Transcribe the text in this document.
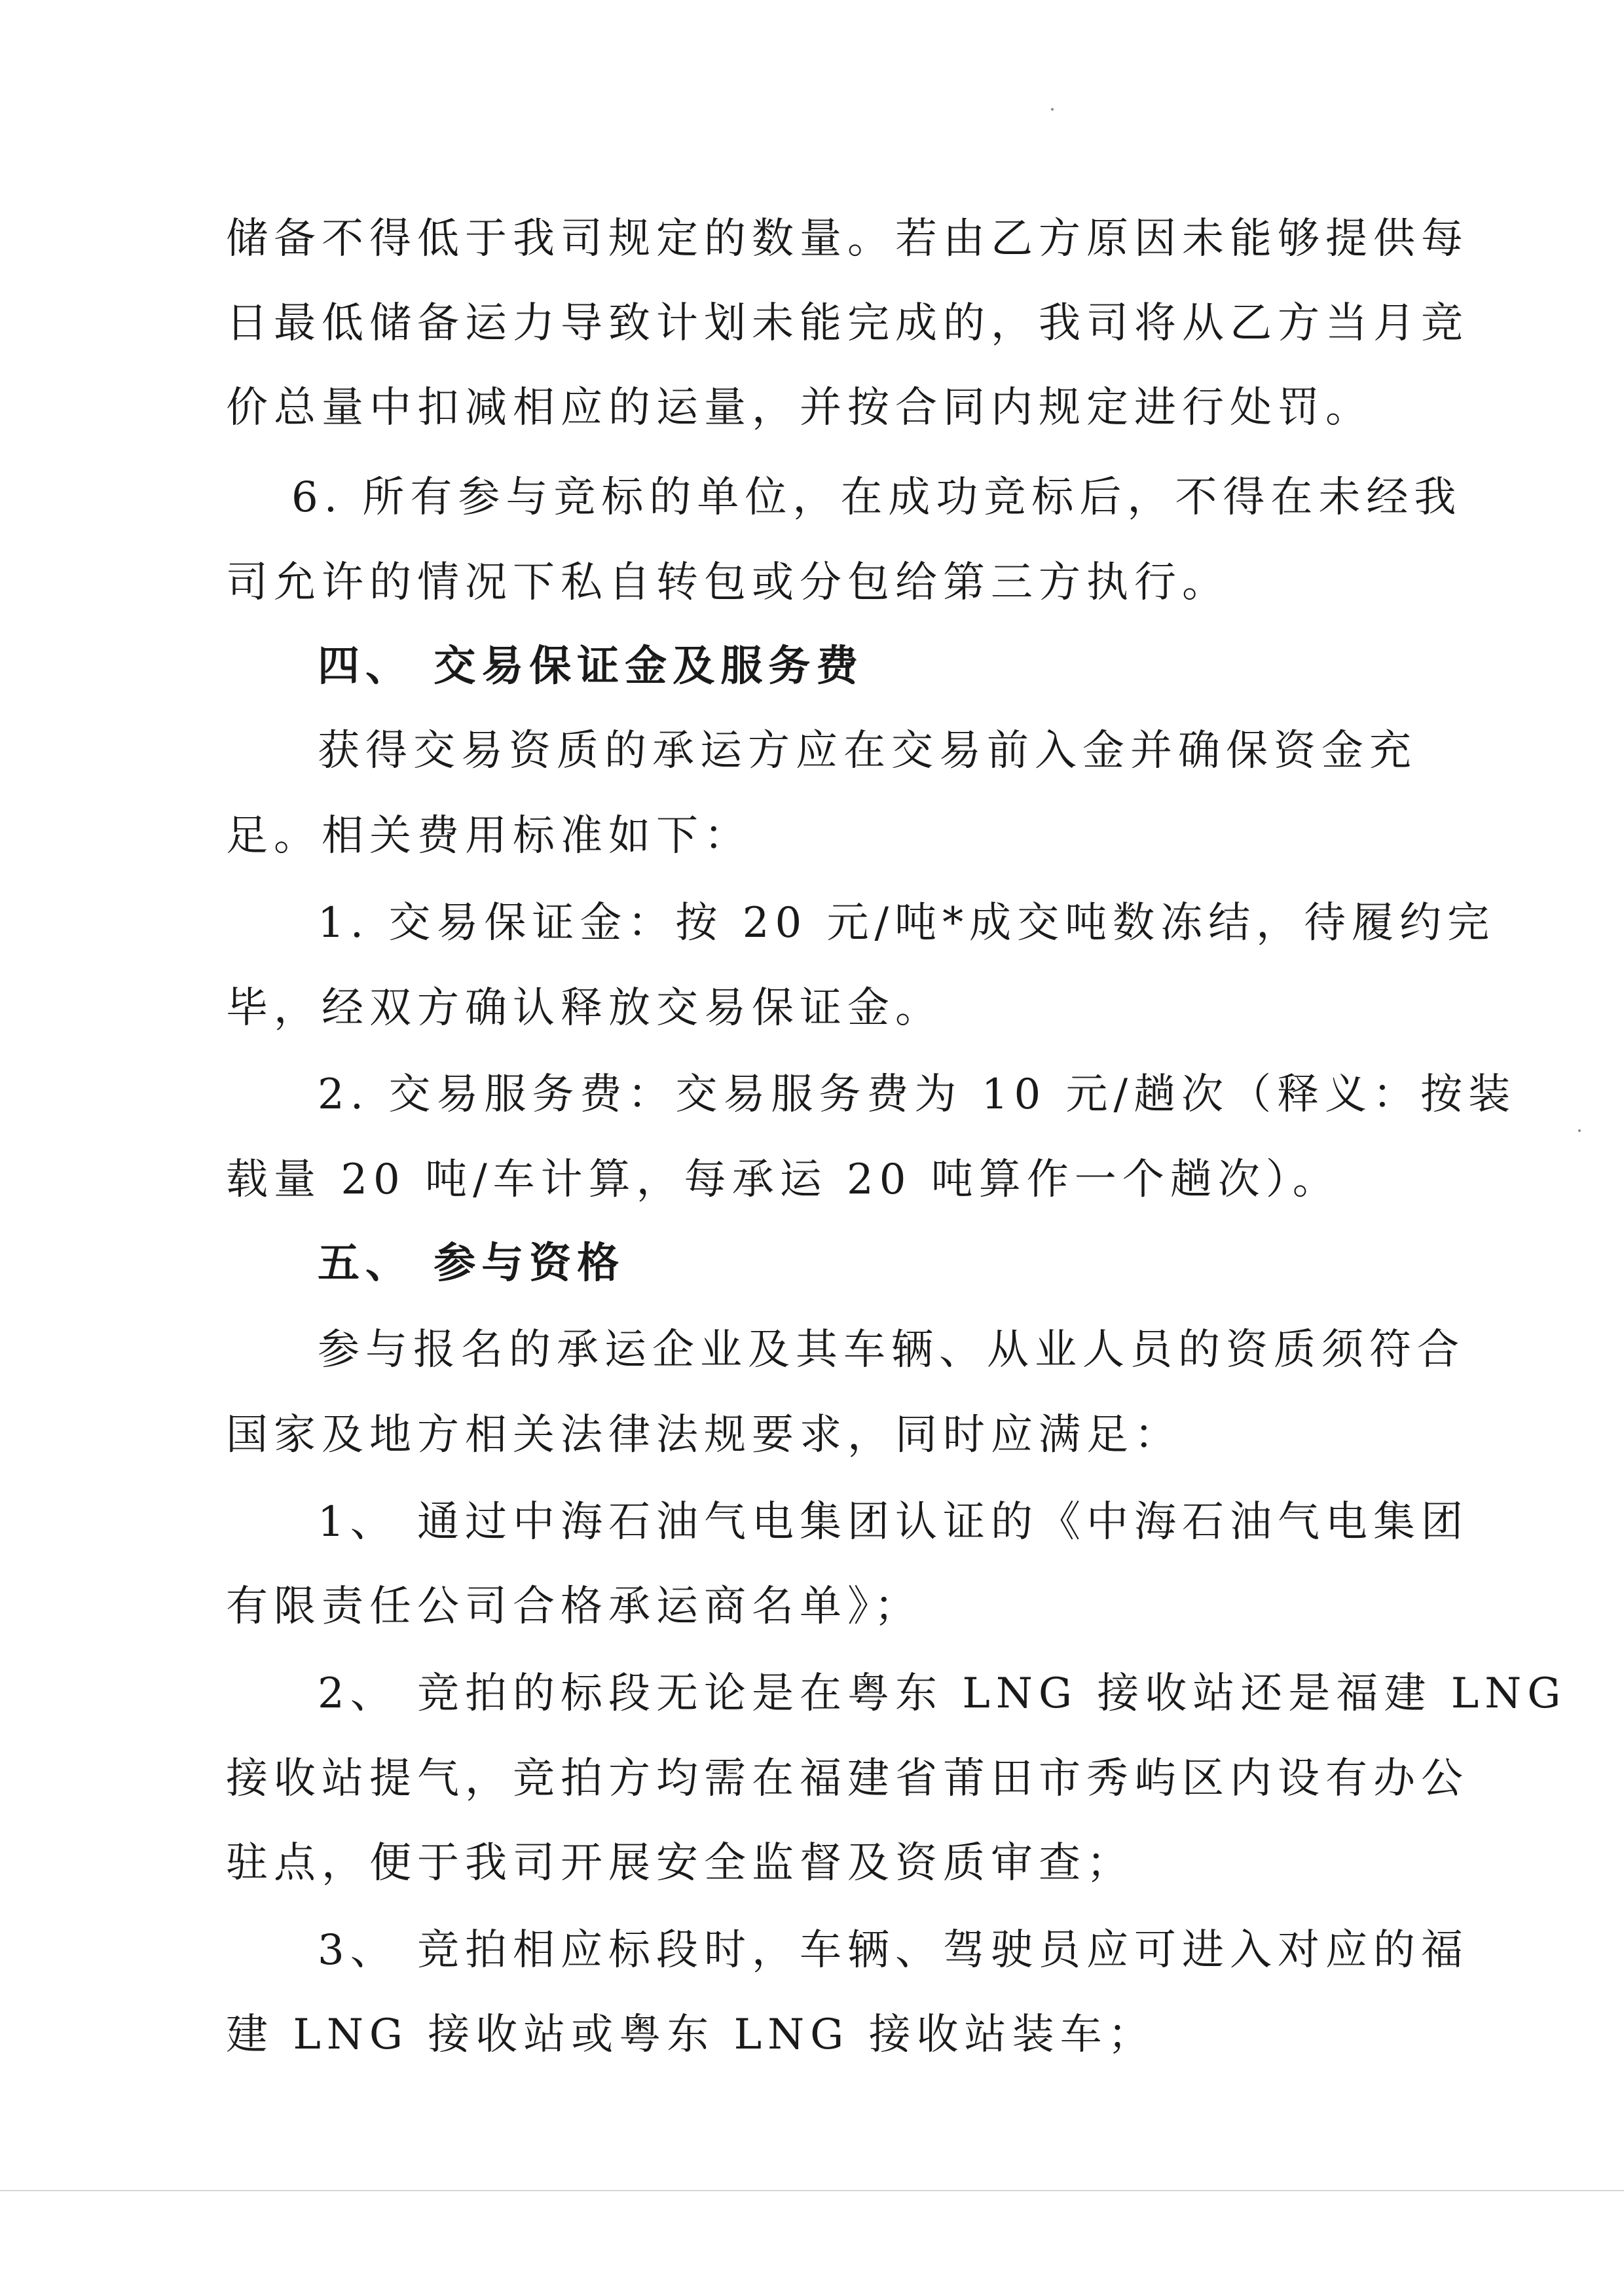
储备不得低于我司规定的数量。若由乙方原因未能够提供每
日最低储备运力导致计划未能完成的，我司将从乙方当月竞
价总量中扣减相应的运量，并按合同内规定进行处罚。
6. 所有参与竞标的单位，在成功竞标后，不得在未经我
司允许的情况下私自转包或分包给第三方执行。
四、 交易保证金及服务费
获得交易资质的承运方应在交易前入金并确保资金充
足。相关费用标准如下：
1. 交易保证金：按 20 元/吨*成交吨数冻结，待履约完
毕，经双方确认释放交易保证金。
2. 交易服务费：交易服务费为 10 元/趟次（释义：按装
载量 20 吨/车计算，每承运 20 吨算作一个趟次）。
五、 参与资格
参与报名的承运企业及其车辆、从业人员的资质须符合
国家及地方相关法律法规要求，同时应满足：
1、 通过中海石油气电集团认证的《中海石油气电集团
有限责任公司合格承运商名单》；
2、 竞拍的标段无论是在粤东 LNG 接收站还是福建 LNG
接收站提气，竞拍方均需在福建省莆田市秀屿区内设有办公
驻点，便于我司开展安全监督及资质审查；
3、 竞拍相应标段时，车辆、驾驶员应可进入对应的福
建 LNG 接收站或粤东 LNG 接收站装车；
